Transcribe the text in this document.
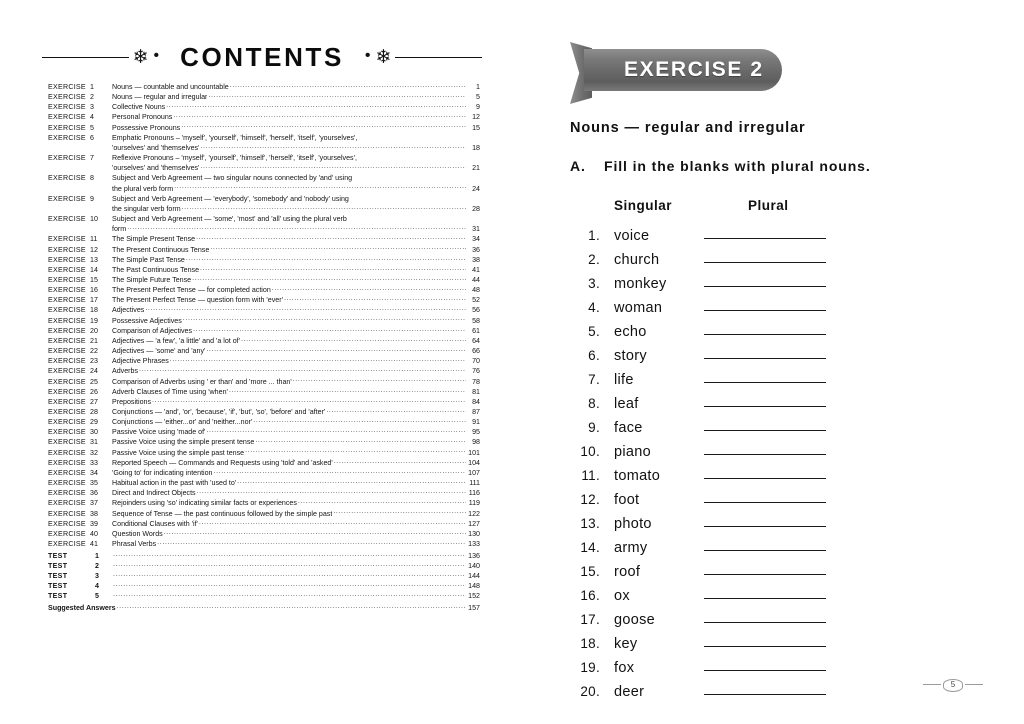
❄ • CONTENTS	• ❄
EXERCISE 1	Nouns — countable and uncountable .....	1
EXERCISE 2	Nouns — regular and irregular .....	5
EXERCISE 3	Collective Nouns .....	9
EXERCISE 4	Personal Pronouns .....	12
EXERCISE 5	Possessive Pronouns .....	15
EXERCISE 6	Emphatic Pronouns – 'myself', 'yourself', 'himself', 'herself', 'itself', 'yourselves',
'ourselves' and 'themselves' .....	18
EXERCISE 7	Reflexive Pronouns – 'myself', 'yourself', 'himself', 'herself', 'itself', 'yourselves',
'ourselves' and 'themselves' .....	21
EXERCISE 8	Subject and Verb Agreement — two singular nouns connected by 'and' using
the plural verb form .....	24
EXERCISE 9	Subject and Verb Agreement — 'everybody', 'somebody' and 'nobody' using
the singular verb form .....	28
EXERCISE 10	Subject and Verb Agreement — 'some', 'most' and 'all' using the plural verb
form .....	31
EXERCISE 11	The Simple Present Tense .....	34
EXERCISE 12	The Present Continuous Tense .....	36
EXERCISE 13	The Simple Past Tense .....	38
EXERCISE 14	The Past Continuous Tense .....	41
EXERCISE 15	The Simple Future Tense .....	44
EXERCISE 16	The Present Perfect Tense — for completed action .....	48
EXERCISE 17	The Present Perfect Tense — question form with 'ever' .....	52
EXERCISE 18	Adjectives .....	56
EXERCISE 19	Possessive Adjectives .....	58
EXERCISE 20	Comparison of Adjectives .....	61
EXERCISE 21	Adjectives — 'a few', 'a little' and 'a lot of' .....	64
EXERCISE 22	Adjectives — 'some' and 'any' .....	66
EXERCISE 23	Adjective Phrases .....	70
EXERCISE 24	Adverbs .....	76
EXERCISE 25	Comparison of Adverbs using ' er than' and 'more ... than' .....	78
EXERCISE 26	Adverb Clauses of Time using 'when' .....	81
EXERCISE 27	Prepositions .....	84
EXERCISE 28	Conjunctions — 'and', 'or', 'because', 'if', 'but', 'so', 'before' and 'after' .....	87
EXERCISE 29	Conjunctions — 'either...or' and 'neither...nor' .....	91
EXERCISE 30	Passive Voice using 'made of' .....	95
EXERCISE 31	Passive Voice using the simple present tense .....	98
EXERCISE 32	Passive Voice using the simple past tense .....	101
EXERCISE 33	Reported Speech — Commands and Requests using 'told' and 'asked' .....	104
EXERCISE 34	'Going to' for indicating intention .....	107
EXERCISE 35	Habitual action in the past with 'used to' .....	111
EXERCISE 36	Direct and Indirect Objects .....	116
EXERCISE 37	Rejoinders using 'so' indicating similar facts or experiences .....	119
EXERCISE 38	Sequence of Tense — the past continuous followed by the simple past .....	122
EXERCISE 39	Conditional Clauses with 'if' .....	127
EXERCISE 40	Question Words .....	130
EXERCISE 41	Phrasal Verbs .....	133
TEST	1 .....	136
TEST	2 .....	140
TEST	3 .....	144
TEST	4 .....	148
TEST	5 .....	152
Suggested Answers .....	157
EXERCISE 2
Nouns — regular and irregular
A.	Fill in the blanks with plural nouns.
Singular	Plural
1. voice
2. church
3. monkey
4. woman
5. echo
6. story
7. life
8. leaf
9. face
10. piano
11. tomato
12. foot
13. photo
14. army
15. roof
16. ox
17. goose
18. key
19. fox
20. deer	5
